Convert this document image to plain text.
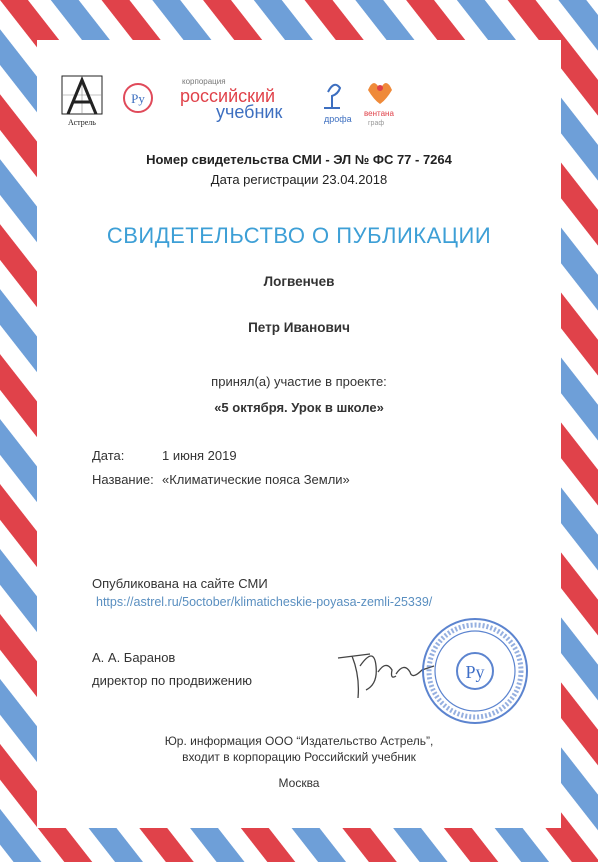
Астрель
Ру
корпорация
российский
учебник	дрофа
вентана
граф
Номер свидетельства СМИ - ЭЛ № ФС 77 - 7264
Дата регистрации 23.04.2018
СВИДЕТЕЛЬСТВО О ПУБЛИКАЦИИ
Логвенчев
Петр Иванович
принял(а) участие в проекте:
«5 октября. Урок в школе»
Дата:	1 июня 2019
Название: «Климатические пояса Земли»
Опубликована на сайте СМИ
https://astrel.ru/5october/klimaticheskie-poyasa-zemli-25339/
А. А. Баранов
директор по продвижению	Ру
Юр. информация ООО “Издательство Астрель”,
входит в корпорацию Российский учебник
Москва
